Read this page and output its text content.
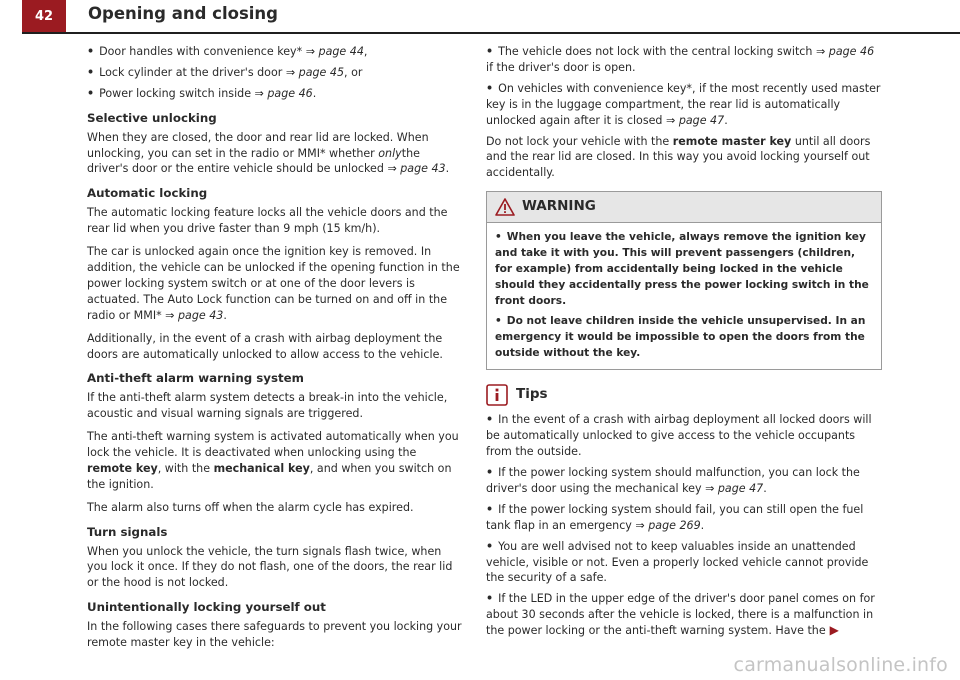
42	Opening and closing
• Door handles with convenience key* ⇒ page 44,
• Lock cylinder at the driver's door ⇒ page 45, or
• Power locking switch inside ⇒ page 46.
Selective unlocking

When they are closed, the door and rear lid are locked. When unlocking, you can set in the radio or MMI* whether onlythe driver's door or the entire vehicle should be unlocked ⇒ page 43.

Automatic locking

The automatic locking feature locks all the vehicle doors and the rear lid when you drive faster than 9 mph (15 km/h).

The car is unlocked again once the ignition key is removed. In addition, the vehicle can be unlocked if the opening function in the power locking system switch or at one of the door levers is actuated. The Auto Lock function can be turned on and off in the radio or MMI* ⇒ page 43.

Additionally, in the event of a crash with airbag deployment the doors are automatically unlocked to allow access to the vehicle.

Anti-theft alarm warning system

If the anti-theft alarm system detects a break-in into the vehicle, acoustic and visual warning signals are triggered.

The anti-theft warning system is activated automatically when you lock the vehicle. It is deactivated when unlocking using the remote key, with the mechanical key, and when you switch on the ignition.

The alarm also turns off when the alarm cycle has expired.

Turn signals

When you unlock the vehicle, the turn signals flash twice, when you lock it once. If they do not flash, one of the doors, the rear lid or the hood is not locked.

Unintentionally locking yourself out

In the following cases there safeguards to prevent you locking your remote master key in the vehicle:

• The vehicle does not lock with the central locking switch ⇒ page 46 if the driver's door is open.
• On vehicles with convenience key*, if the most recently used master key is in the luggage compartment, the rear lid is automatically unlocked again after it is closed ⇒ page 47.

Do not lock your vehicle with the remote master key until all doors and the rear lid are closed. In this way you avoid locking yourself out accidentally.

WARNING
• When you leave the vehicle, always remove the ignition key and take it with you. This will prevent passengers (children, for example) from accidentally being locked in the vehicle should they accidentally press the power locking switch in the front doors.
• Do not leave children inside the vehicle unsupervised. In an emergency it would be impossible to open the doors from the outside without the key.
Tips
• In the event of a crash with airbag deployment all locked doors will be automatically unlocked to give access to the vehicle occupants from the outside.
• If the power locking system should malfunction, you can lock the driver's door using the mechanical key ⇒ page 47.
• If the power locking system should fail, you can still open the fuel tank flap in an emergency ⇒ page 269.
• You are well advised not to keep valuables inside an unattended vehicle, visible or not. Even a properly locked vehicle cannot provide the security of a safe.
• If the LED in the upper edge of the driver's door panel comes on for about 30 seconds after the vehicle is locked, there is a malfunction in the power locking or the anti-theft warning system. Have the ▶
carmanualsonline.info
